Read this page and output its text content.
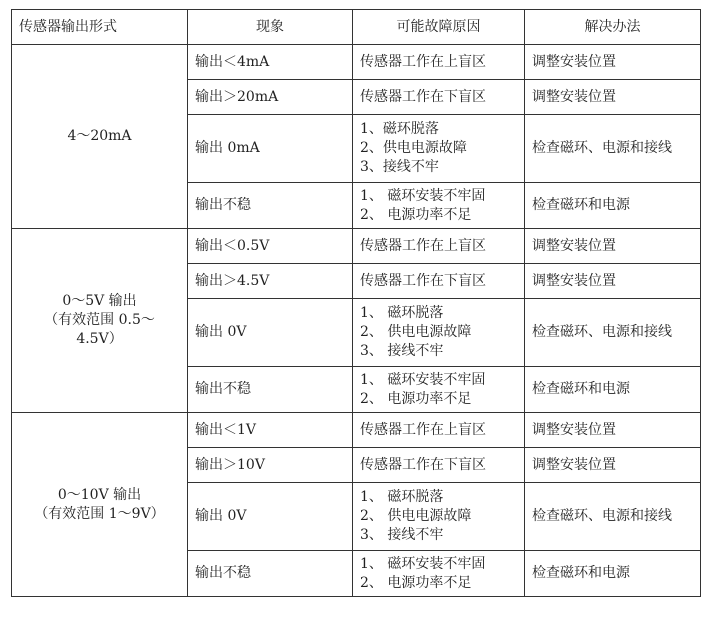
传感器输出形式	现象	可能故障原因	解决办法

4～20mA	输出＜4mA	传感器工作在上盲区	调整安装位置
	输出＞20mA	传感器工作在下盲区	调整安装位置
	输出 0mA	1、磁环脱落
2、供电电源故障
3、接线不牢	检查磁环、电源和接线
	输出不稳	1、 磁环安装不牢固
2、 电源功率不足	检查磁环和电源

0～5V 输出
（有效范围 0.5～
4.5V）	输出＜0.5V	传感器工作在上盲区	调整安装位置
	输出＞4.5V	传感器工作在下盲区	调整安装位置
	输出 0V	1、 磁环脱落
2、 供电电源故障
3、 接线不牢	检查磁环、电源和接线
	输出不稳	1、 磁环安装不牢固
2、 电源功率不足	检查磁环和电源

0～10V 输出
（有效范围 1～9V）	输出＜1V	传感器工作在上盲区	调整安装位置
	输出＞10V	传感器工作在下盲区	调整安装位置
	输出 0V	1、 磁环脱落
2、 供电电源故障
3、 接线不牢	检查磁环、电源和接线
	输出不稳	1、 磁环安装不牢固
2、 电源功率不足	检查磁环和电源
